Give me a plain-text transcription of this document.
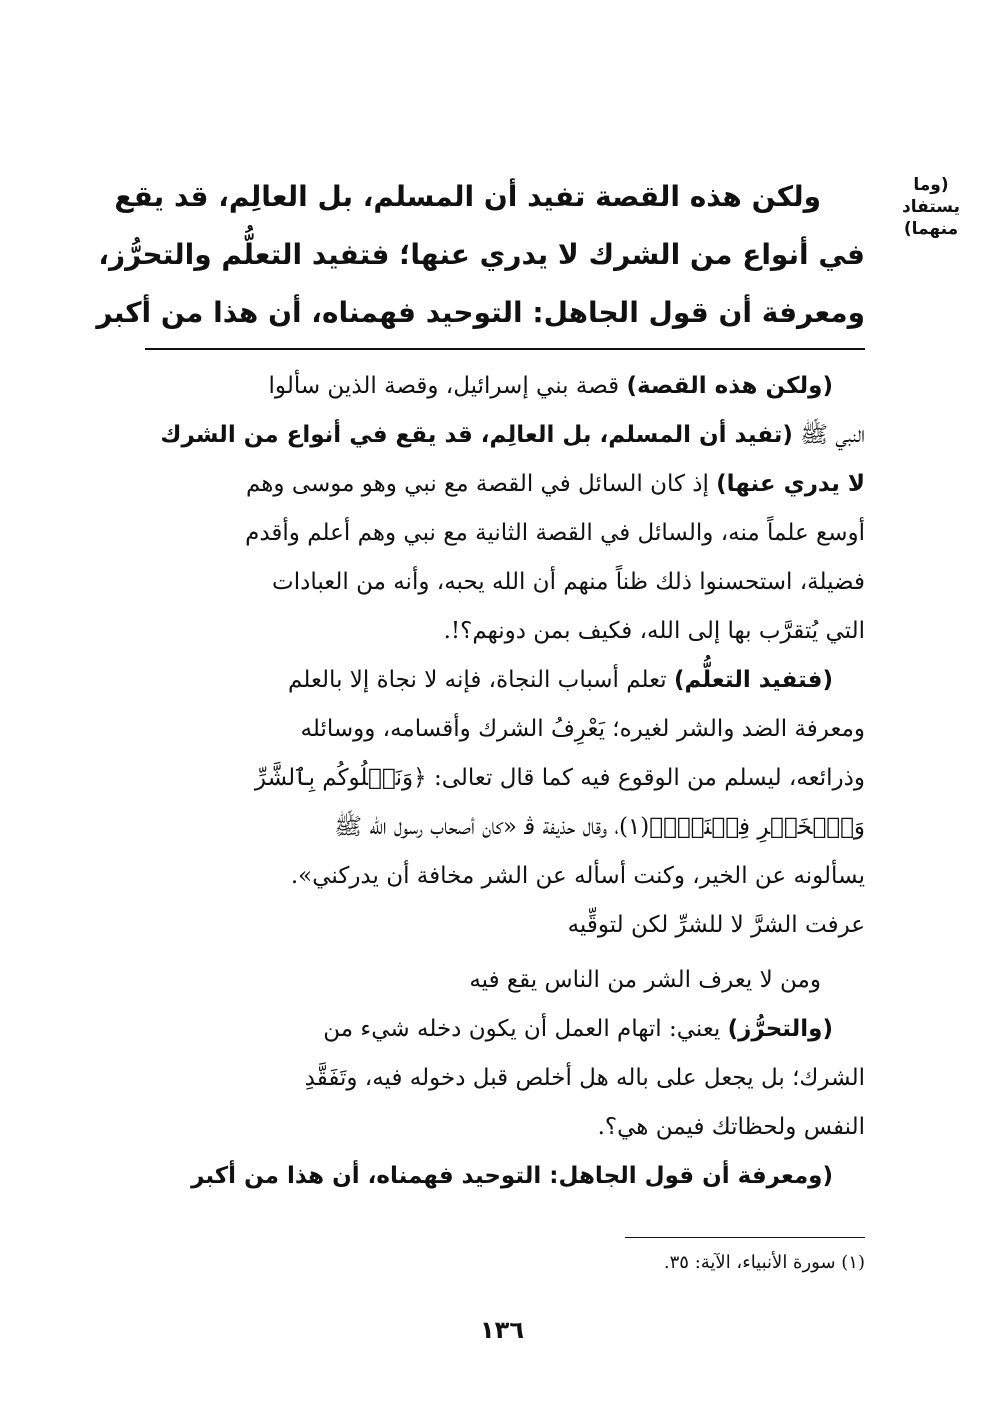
(وما
يستفاد
منهما)

ولكن هذه القصة تفيد أن المسلم، بل العالِم، قد يقع

في أنواع من الشرك لا يدري عنها؛ فتفيد التعلُّم والتحرُّز،

ومعرفة أن قول الجاهل: التوحيد فهمناه، أن هذا من أكبر

(ولكن هذه القصة) قصة بني إسرائيل، وقصة الذين سألوا

النبي ﷺ (تفيد أن المسلم، بل العالِم، قد يقع في أنواع من الشرك

لا يدري عنها) إذ كان السائل في القصة مع نبي وهو موسى وهم

أوسع علماً منه، والسائل في القصة الثانية مع نبي وهم أعلم وأقدم

فضيلة، استحسنوا ذلك ظناً منهم أن الله يحبه، وأنه من العبادات

التي يُتقرَّب بها إلى الله، فكيف بمن دونهم؟!.

(فتفيد التعلُّم) تعلم أسباب النجاة، فإنه لا نجاة إلا بالعلم

ومعرفة الضد والشر لغيره؛ يَعْرِفُ الشرك وأقسامه، ووسائله

وذرائعه، ليسلم من الوقوع فيه كما قال تعالى: ﴿وَنَبۡلُوكُم بِٱلشَّرِّ

وَٱلۡخَيۡرِ فِتۡنَةٗۖ﴾(١)، وقال حذيفة ﭬ «كان أصحاب رسول الله ﷺ

يسألونه عن الخير، وكنت أسأله عن الشر مخافة أن يدركني».

عرفت الشرَّ لا للشرِّ لكن لتوقِّيه

ومن لا يعرف الشر من الناس يقع فيه

(والتحرُّز) يعني: اتهام العمل أن يكون دخله شيء من

الشرك؛ بل يجعل على باله هل أخلص قبل دخوله فيه، وتَفَقَّدِ

النفس ولحظاتك فيمن هي؟.

(ومعرفة أن قول الجاهل: التوحيد فهمناه، أن هذا من أكبر

(١) سورة الأنبياء، الآية: ٣٥.
١٣٦
